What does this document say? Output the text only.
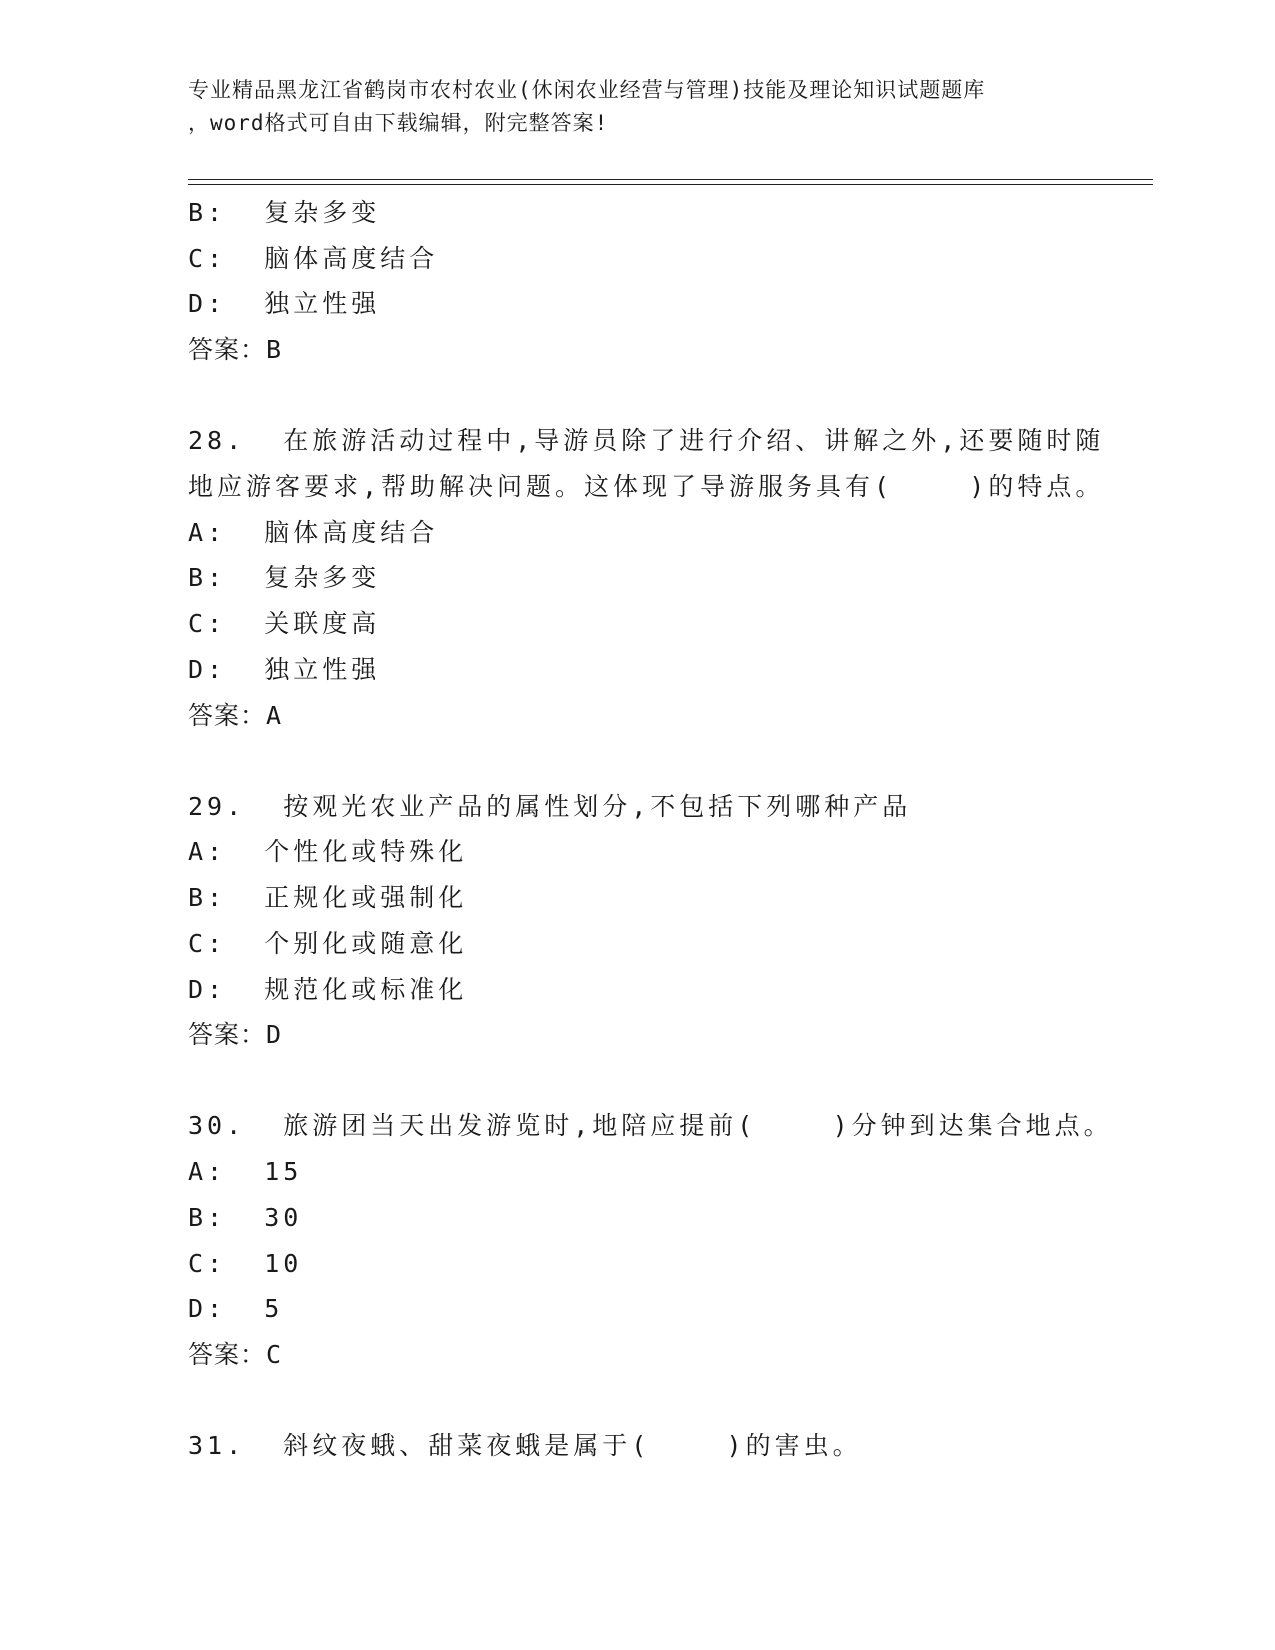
专业精品黑龙江省鹤岗市农村农业(休闲农业经营与管理)技能及理论知识试题题库
，word格式可自由下载编辑，附完整答案!
B:  复杂多变
C:  脑体高度结合
D:  独立性强
答案：B
28.  在旅游活动过程中,导游员除了进行介绍、讲解之外,还要随时随
地应游客要求,帮助解决问题。这体现了导游服务具有(    )的特点。
A:  脑体高度结合
B:  复杂多变
C:  关联度高
D:  独立性强
答案：A
29.  按观光农业产品的属性划分,不包括下列哪种产品
A:  个性化或特殊化
B:  正规化或强制化
C:  个别化或随意化
D:  规范化或标准化
答案：D
30.  旅游团当天出发游览时,地陪应提前(    )分钟到达集合地点。
A:  15
B:  30
C:  10
D:  5
答案：C
31.  斜纹夜蛾、甜菜夜蛾是属于(    )的害虫。
